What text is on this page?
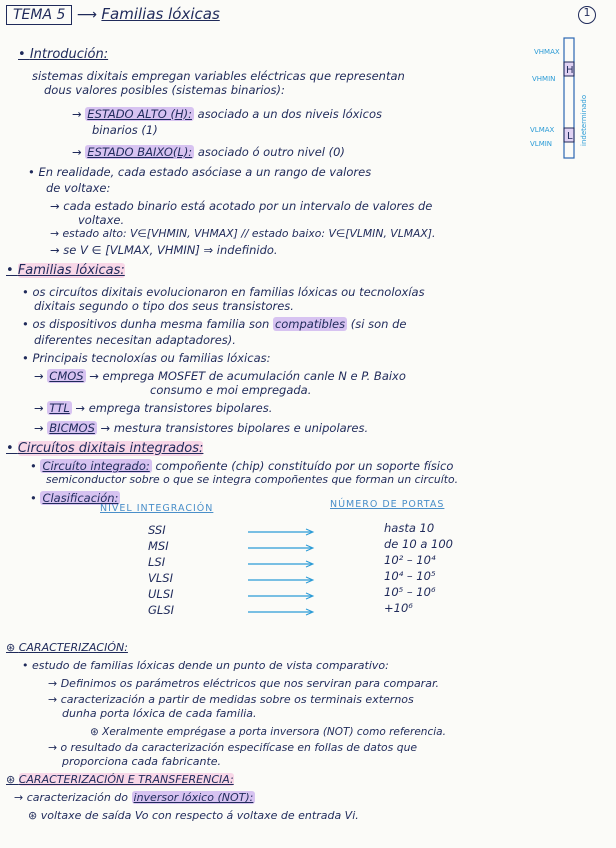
TEMA 5 ⟶ Familias lóxicas	1
H
L
VHMAX
VHMIN
VLMAX
VLMIN	indeterminado
• Introdución:
sistemas dixitais empregan variables eléctricas que representan
dous valores posibles (sistemas binarios):
→ ESTADO ALTO (H): asociado a un dos niveis lóxicos
binarios (1)
→ ESTADO BAIXO(L): asociado ó outro nivel (0)
• En realidade, cada estado asóciase a un rango de valores
de voltaxe:
→ cada estado binario está acotado por un intervalo de valores de
voltaxe.
→ estado alto: V∈[VHMIN, VHMAX] // estado baixo: V∈[VLMIN, VLMAX].
→ se V ∈ [VLMAX, VHMIN] ⇒ indefinido.
• Familias lóxicas:
• os circuítos dixitais evolucionaron en familias lóxicas ou tecnoloxías
dixitais segundo o tipo dos seus transistores.
• os dispositivos dunha mesma familia son compatibles (si son de
diferentes necesitan adaptadores).
• Principais tecnoloxías ou familias lóxicas:
→ CMOS → emprega MOSFET de acumulación canle N e P. Baixo
consumo e moi empregada.
→ TTL → emprega transistores bipolares.
→ BICMOS → mestura transistores bipolares e unipolares.
• Circuítos dixitais integrados:
• Circuíto integrado: compoñente (chip) constituído por un soporte físico
semiconductor sobre o que se integra compoñentes que forman un circuíto.
• Clasificación:
NIVEL INTEGRACIÓN	NÚMERO DE PORTAS
SSI	hasta 10
MSI	de 10 a 100
LSI	10² – 10⁴
VLSI	10⁴ – 10⁵
ULSI	10⁵ – 10⁶
GLSI	+10⁶
⊛ CARACTERIZACIÓN:
• estudo de familias lóxicas dende un punto de vista comparativo:
→ Definimos os parámetros eléctricos que nos serviran para comparar.
→ caracterización a partir de medidas sobre os terminais externos
dunha porta lóxica de cada familia.
⊛ Xeralmente emprégase a porta inversora (NOT) como referencia.
→ o resultado da caracterización especifícase en follas de datos que
proporciona cada fabricante.
⊛ CARACTERIZACIÓN E TRANSFERENCIA:
→ caracterización do inversor lóxico (NOT):
⊛ voltaxe de saída Vo con respecto á voltaxe de entrada Vi.
